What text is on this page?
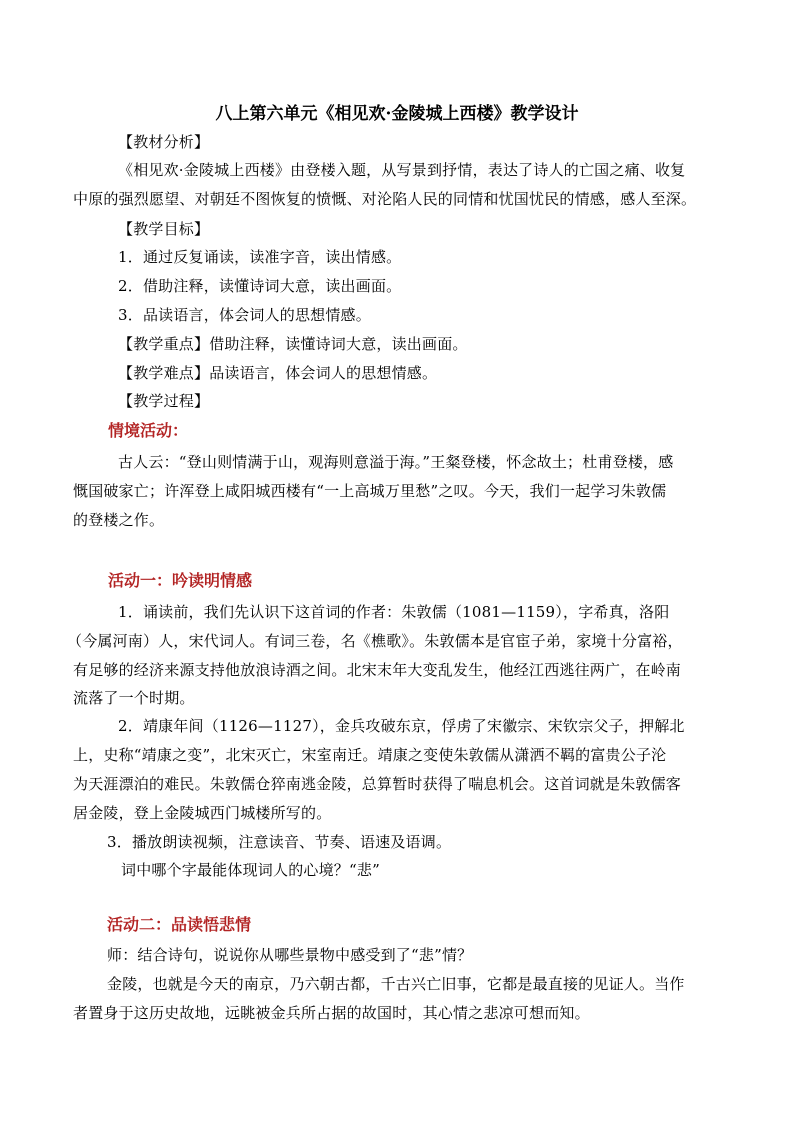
八上第六单元《相见欢·金陵城上西楼》教学设计
【教材分析】
《相见欢·金陵城上西楼》由登楼入题，从写景到抒情，表达了诗人的亡国之痛、收复
中原的强烈愿望、对朝廷不图恢复的愤慨、对沦陷人民的同情和忧国忧民的情感，感人至深。
【教学目标】
1．通过反复诵读，读准字音，读出情感。
2．借助注释，读懂诗词大意，读出画面。
3．品读语言，体会词人的思想情感。
【教学重点】借助注释，读懂诗词大意，读出画面。
【教学难点】品读语言，体会词人的思想情感。
【教学过程】
情境活动：
古人云：“登山则情满于山，观海则意溢于海。”王粲登楼，怀念故土；杜甫登楼，感
慨国破家亡；许浑登上咸阳城西楼有“一上高城万里愁”之叹。今天，我们一起学习朱敦儒
的登楼之作。
活动一：吟读明情感
1．诵读前，我们先认识下这首词的作者：朱敦儒（1081—1159），字希真，洛阳
（今属河南）人，宋代词人。有词三卷，名《樵歌》。朱敦儒本是官宦子弟，家境十分富裕，
有足够的经济来源支持他放浪诗酒之间。北宋末年大变乱发生，他经江西逃往两广，在岭南
流落了一个时期。
2．靖康年间（1126—1127），金兵攻破东京，俘虏了宋徽宗、宋钦宗父子，押解北
上，史称“靖康之变”，北宋灭亡，宋室南迁。靖康之变使朱敦儒从潇洒不羁的富贵公子沦
为天涯漂泊的难民。朱敦儒仓猝南逃金陵，总算暂时获得了喘息机会。这首词就是朱敦儒客
居金陵，登上金陵城西门城楼所写的。
3．播放朗读视频，注意读音、节奏、语速及语调。
词中哪个字最能体现词人的心境？“悲”
活动二：品读悟悲情
师：结合诗句，说说你从哪些景物中感受到了“悲”情？
金陵，也就是今天的南京，乃六朝古都，千古兴亡旧事，它都是最直接的见证人。当作
者置身于这历史故地，远眺被金兵所占据的故国时，其心情之悲凉可想而知。
